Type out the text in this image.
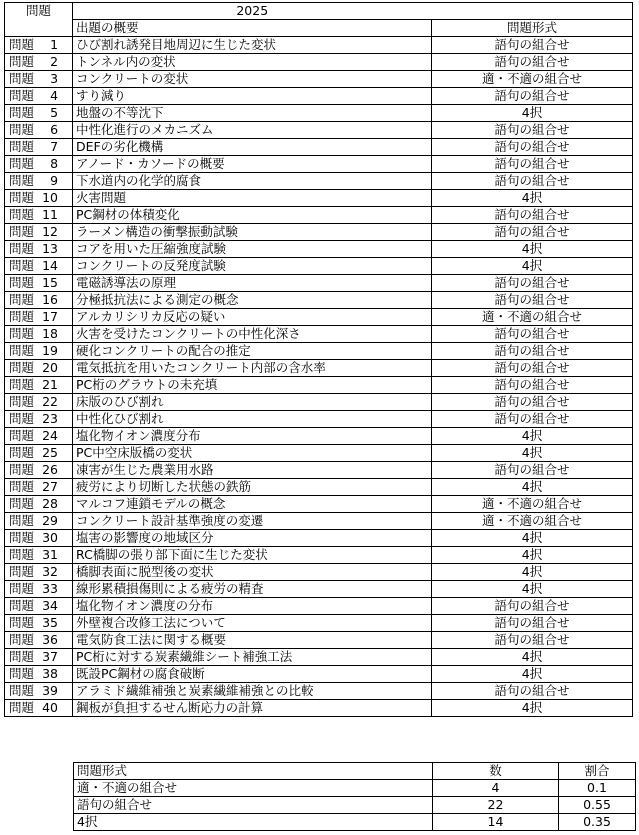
問題	2025	
	出題の概要	問題形式
問題 1	ひび割れ誘発目地周辺に生じた変状	語句の組合せ
問題 2	トンネル内の変状	語句の組合せ
問題 3	コンクリートの変状	適・不適の組合せ
問題 4	すり減り	語句の組合せ
問題 5	地盤の不等沈下	4択
問題 6	中性化進行のメカニズム	語句の組合せ
問題 7	DEFの劣化機構	語句の組合せ
問題 8	アノード・カソードの概要	語句の組合せ
問題 9	下水道内の化学的腐食	語句の組合せ
問題 10	火害問題	4択
問題 11	PC鋼材の体積変化	語句の組合せ
問題 12	ラーメン構造の衝撃振動試験	語句の組合せ
問題 13	コアを用いた圧縮強度試験	4択
問題 14	コンクリートの反発度試験	4択
問題 15	電磁誘導法の原理	語句の組合せ
問題 16	分極抵抗法による測定の概念	語句の組合せ
問題 17	アルカリシリカ反応の疑い	適・不適の組合せ
問題 18	火害を受けたコンクリートの中性化深さ	語句の組合せ
問題 19	硬化コンクリートの配合の推定	語句の組合せ
問題 20	電気抵抗を用いたコンクリート内部の含水率	語句の組合せ
問題 21	PC桁のグラウトの未充填	語句の組合せ
問題 22	床版のひび割れ	語句の組合せ
問題 23	中性化ひび割れ	語句の組合せ
問題 24	塩化物イオン濃度分布	4択
問題 25	PC中空床版橋の変状	4択
問題 26	凍害が生じた農業用水路	語句の組合せ
問題 27	疲労により切断した状態の鉄筋	4択
問題 28	マルコフ連鎖モデルの概念	適・不適の組合せ
問題 29	コンクリート設計基準強度の変遷	適・不適の組合せ
問題 30	塩害の影響度の地域区分	4択
問題 31	RC橋脚の張り部下面に生じた変状	4択
問題 32	橋脚表面に脱型後の変状	4択
問題 33	線形累積損傷則による疲労の精査	4択
問題 34	塩化物イオン濃度の分布	語句の組合せ
問題 35	外壁複合改修工法について	語句の組合せ
問題 36	電気防食工法に関する概要	語句の組合せ
問題 37	PC桁に対する炭素繊維シート補強工法	4択
問題 38	既設PC鋼材の腐食破断	4択
問題 39	アラミド繊維補強と炭素繊維補強との比較	語句の組合せ
問題 40	鋼板が負担するせん断応力の計算	4択
問題形式	数	割合
適・不適の組合せ	4	0.1
語句の組合せ	22	0.55
4択	14	0.35
